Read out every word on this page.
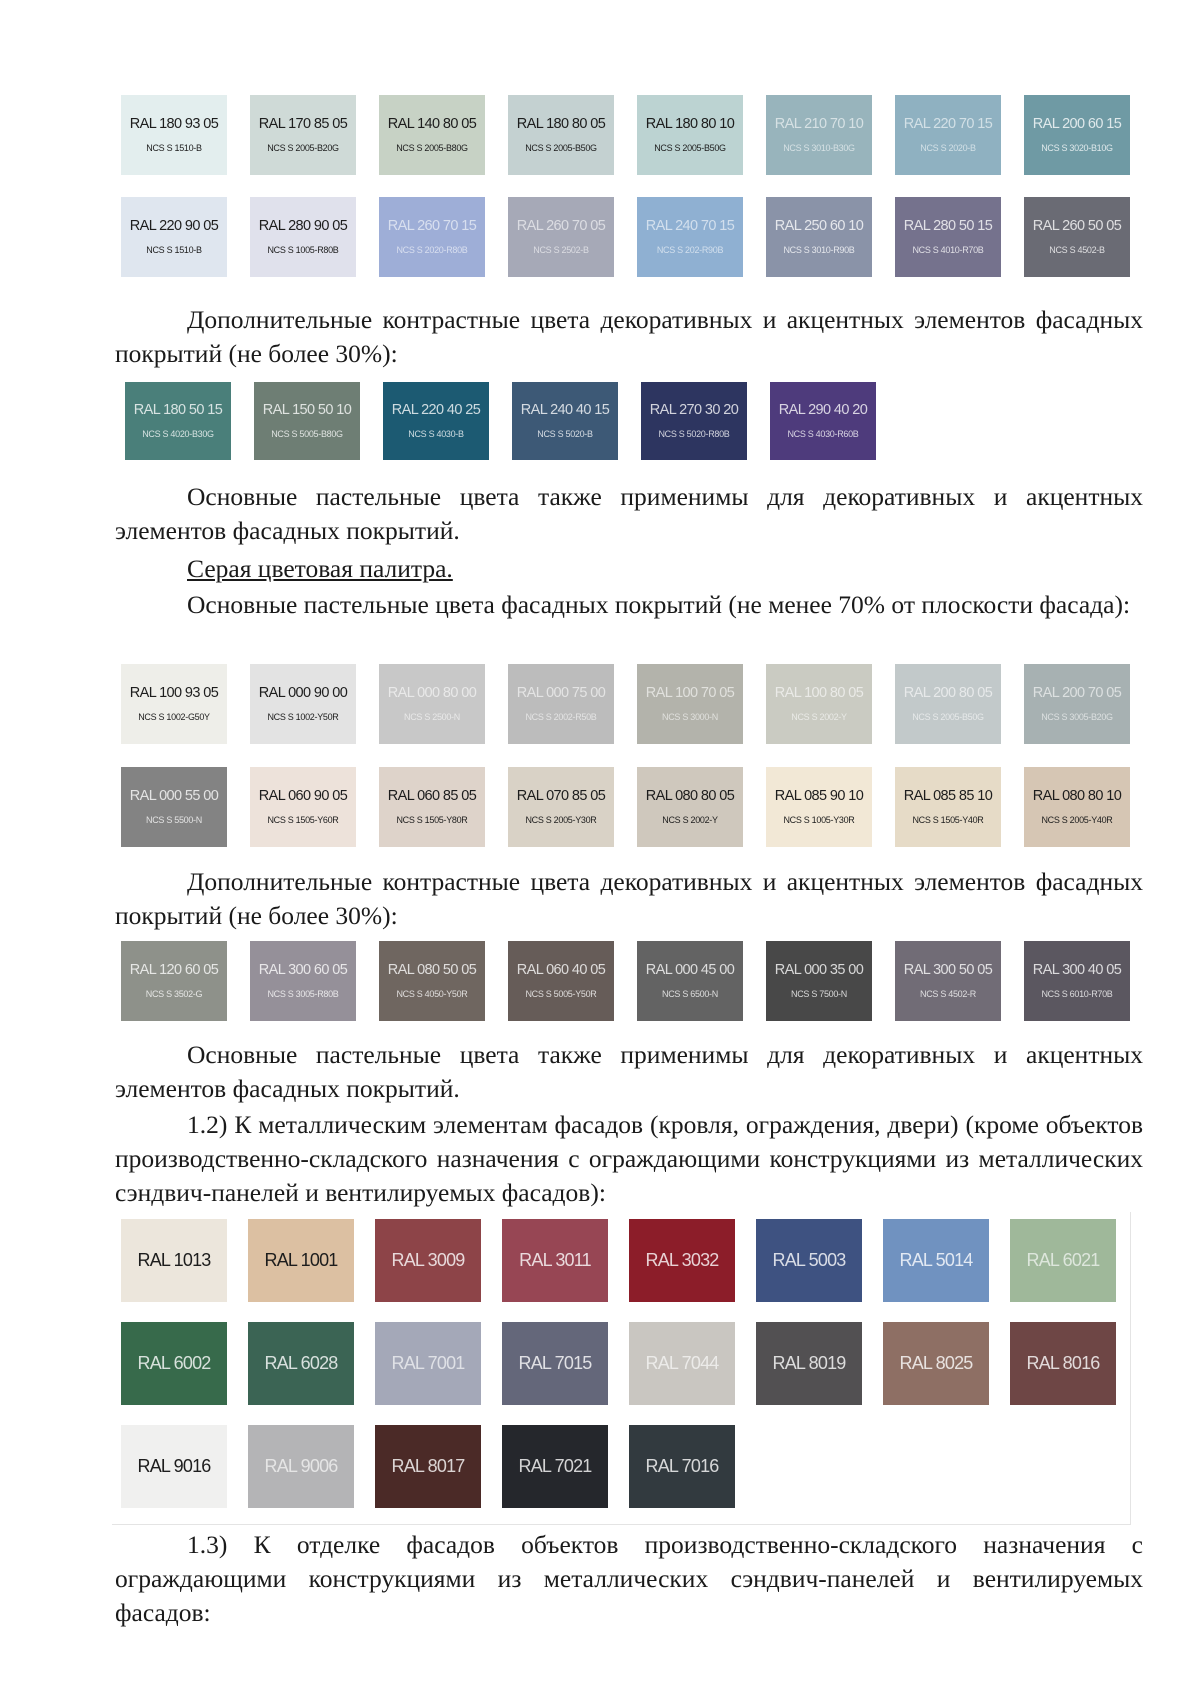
RAL 180 93 05
NCS S 1510-B
RAL 170 85 05
NCS S 2005-B20G
RAL 140 80 05
NCS S 2005-B80G
RAL 180 80 05
NCS S 2005-B50G
RAL 180 80 10
NCS S 2005-B50G
RAL 210 70 10
NCS S 3010-B30G
RAL 220 70 15
NCS S 2020-B
RAL 200 60 15
NCS S 3020-B10G
RAL 220 90 05
NCS S 1510-B
RAL 280 90 05
NCS S 1005-R80B
RAL 260 70 15
NCS S 2020-R80B
RAL 260 70 05
NCS S 2502-B
RAL 240 70 15
NCS S 202-R90B
RAL 250 60 10
NCS S 3010-R90B
RAL 280 50 15
NCS S 4010-R70B
RAL 260 50 05
NCS S 4502-B

Дополнительные контрастные цвета декоративных и акцентных элементов фасадных покрытий (не более 30%):

RAL 180 50 15
NCS S 4020-B30G
RAL 150 50 10
NCS S 5005-B80G
RAL 220 40 25
NCS S 4030-B
RAL 240 40 15
NCS S 5020-B
RAL 270 30 20
NCS S 5020-R80B
RAL 290 40 20
NCS S 4030-R60B

Основные пастельные цвета также применимы для декоративных и акцентных элементов фасадных покрытий.

Серая цветовая палитра.

Основные пастельные цвета фасадных покрытий (не менее 70% от плоскости фасада):

RAL 100 93 05
NCS S 1002-G50Y
RAL 000 90 00
NCS S 1002-Y50R
RAL 000 80 00
NCS S 2500-N
RAL 000 75 00
NCS S 2002-R50B
RAL 100 70 05
NCS S 3000-N
RAL 100 80 05
NCS S 2002-Y
RAL 200 80 05
NCS S 2005-B50G
RAL 200 70 05
NCS S 3005-B20G
RAL 000 55 00
NCS S 5500-N
RAL 060 90 05
NCS S 1505-Y60R
RAL 060 85 05
NCS S 1505-Y80R
RAL 070 85 05
NCS S 2005-Y30R
RAL 080 80 05
NCS S 2002-Y
RAL 085 90 10
NCS S 1005-Y30R
RAL 085 85 10
NCS S 1505-Y40R
RAL 080 80 10
NCS S 2005-Y40R

Дополнительные контрастные цвета декоративных и акцентных элементов фасадных покрытий (не более 30%):

RAL 120 60 05
NCS S 3502-G
RAL 300 60 05
NCS S 3005-R80B
RAL 080 50 05
NCS S 4050-Y50R
RAL 060 40 05
NCS S 5005-Y50R
RAL 000 45 00
NCS S 6500-N
RAL 000 35 00
NCS S 7500-N
RAL 300 50 05
NCS S 4502-R
RAL 300 40 05
NCS S 6010-R70B

Основные пастельные цвета также применимы для декоративных и акцентных элементов фасадных покрытий.

1.2) К металлическим элементам фасадов (кровля, ограждения, двери) (кроме объектов производственно-складского назначения с ограждающими конструкциями из металлических сэндвич-панелей и вентилируемых фасадов):

RAL 1013	RAL 1001	RAL 3009	RAL 3011	RAL 3032	RAL 5003	RAL 5014	RAL 6021
RAL 6002	RAL 6028	RAL 7001	RAL 7015	RAL 7044	RAL 8019	RAL 8025	RAL 8016
RAL 9016	RAL 9006	RAL 8017	RAL 7021	RAL 7016

1.3) К отделке фасадов объектов производственно-складского назначения с ограждающими конструкциями из металлических сэндвич-панелей и вентилируемых фасадов:
